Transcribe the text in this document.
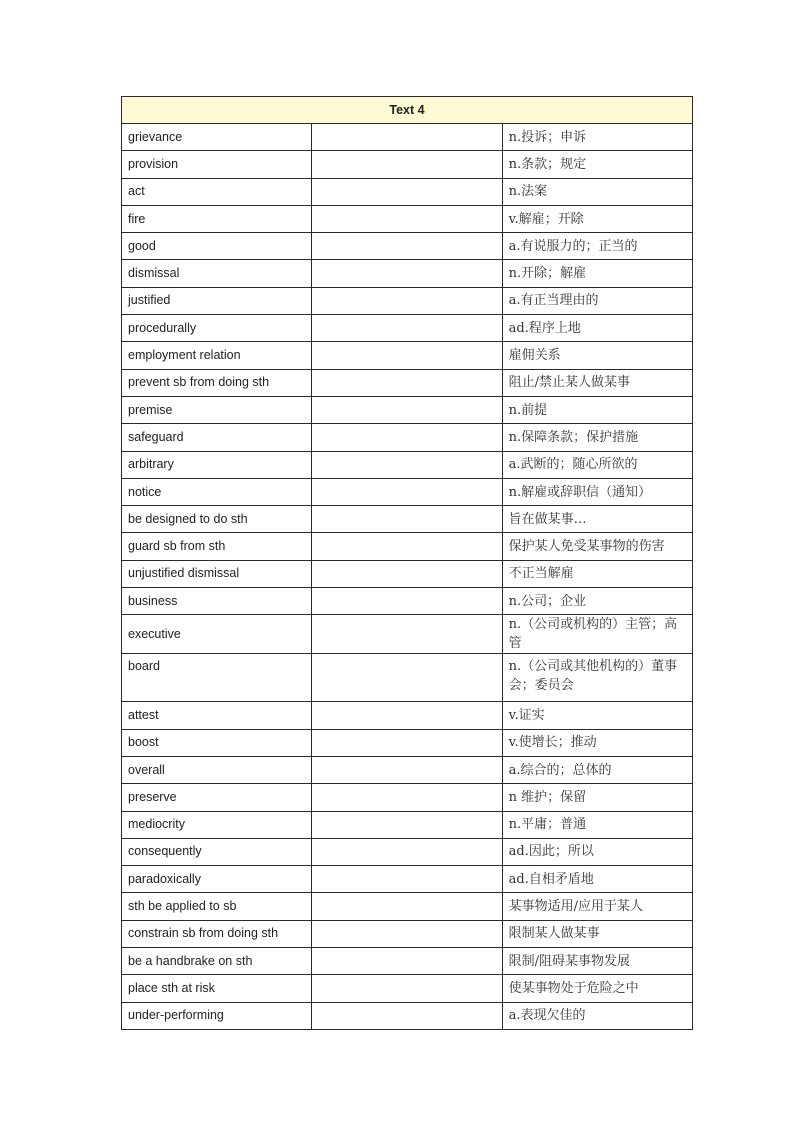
Text 4		
grievance		n.投诉；申诉
provision		n.条款；规定
act		n.法案
fire		v.解雇；开除
good		a.有说服力的；正当的
dismissal		n.开除；解雇
justified		a.有正当理由的
procedurally		ad.程序上地
employment relation		雇佣关系
prevent sb from doing sth		阻止/禁止某人做某事
premise		n.前提
safeguard		n.保障条款；保护措施
arbitrary		a.武断的；随心所欲的
notice		n.解雇或辞职信（通知）
be designed to do sth		旨在做某事…
guard sb from sth		保护某人免受某事物的伤害
unjustified dismissal		不正当解雇
business		n.公司；企业
executive		n.（公司或机构的）主管；高管
board		n.（公司或其他机构的）董事会；委员会
attest		v.证实
boost		v.使增长；推动
overall		a.综合的；总体的
preserve		n 维护；保留
mediocrity		n.平庸；普通
consequently		ad.因此；所以
paradoxically		ad.自相矛盾地
sth be applied to sb		某事物适用/应用于某人
constrain sb from doing sth		限制某人做某事
be a handbrake on sth		限制/阻碍某事物发展
place sth at risk		使某事物处于危险之中
under-performing		a.表现欠佳的
